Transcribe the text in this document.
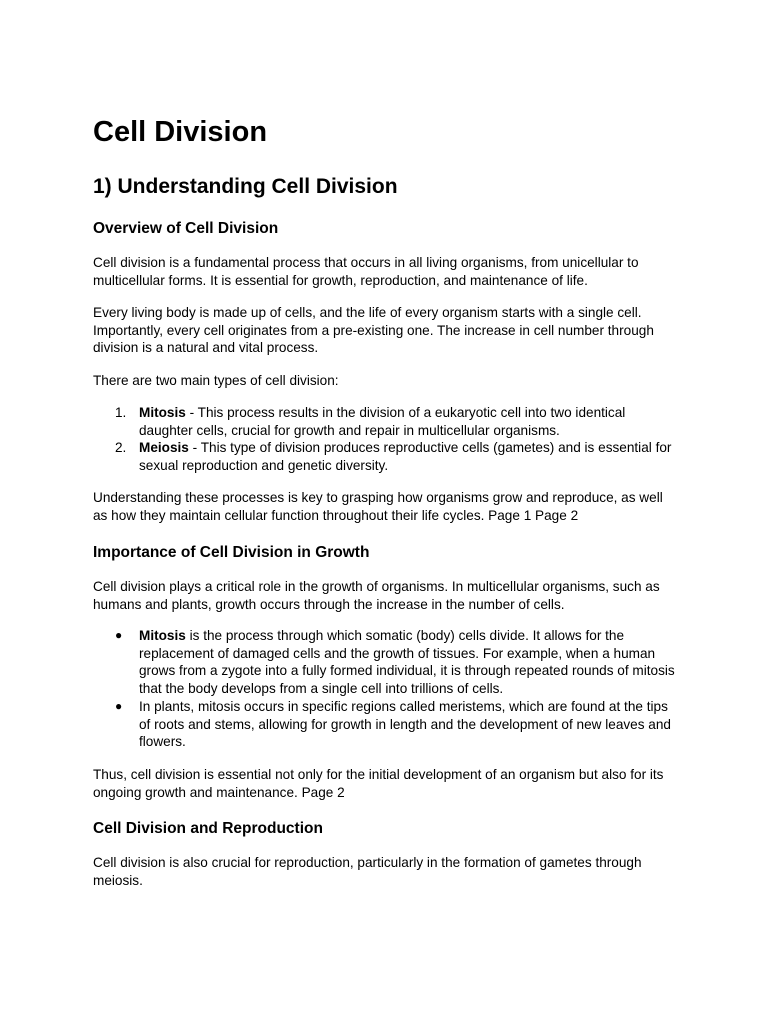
Cell Division
1) Understanding Cell Division
Overview of Cell Division

Cell division is a fundamental process that occurs in all living organisms, from unicellular to multicellular forms. It is essential for growth, reproduction, and maintenance of life.

Every living body is made up of cells, and the life of every organism starts with a single cell. Importantly, every cell originates from a pre-existing one. The increase in cell number through division is a natural and vital process.

There are two main types of cell division:

1. Mitosis - This process results in the division of a eukaryotic cell into two identical daughter cells, crucial for growth and repair in multicellular organisms.
2. Meiosis - This type of division produces reproductive cells (gametes) and is essential for sexual reproduction and genetic diversity.

Understanding these processes is key to grasping how organisms grow and reproduce, as well as how they maintain cellular function throughout their life cycles. Page 1 Page 2

Importance of Cell Division in Growth

Cell division plays a critical role in the growth of organisms. In multicellular organisms, such as humans and plants, growth occurs through the increase in the number of cells.

● Mitosis is the process through which somatic (body) cells divide. It allows for the replacement of damaged cells and the growth of tissues. For example, when a human grows from a zygote into a fully formed individual, it is through repeated rounds of mitosis that the body develops from a single cell into trillions of cells.
● In plants, mitosis occurs in specific regions called meristems, which are found at the tips of roots and stems, allowing for growth in length and the development of new leaves and flowers.

Thus, cell division is essential not only for the initial development of an organism but also for its ongoing growth and maintenance. Page 2

Cell Division and Reproduction

Cell division is also crucial for reproduction, particularly in the formation of gametes through meiosis.
